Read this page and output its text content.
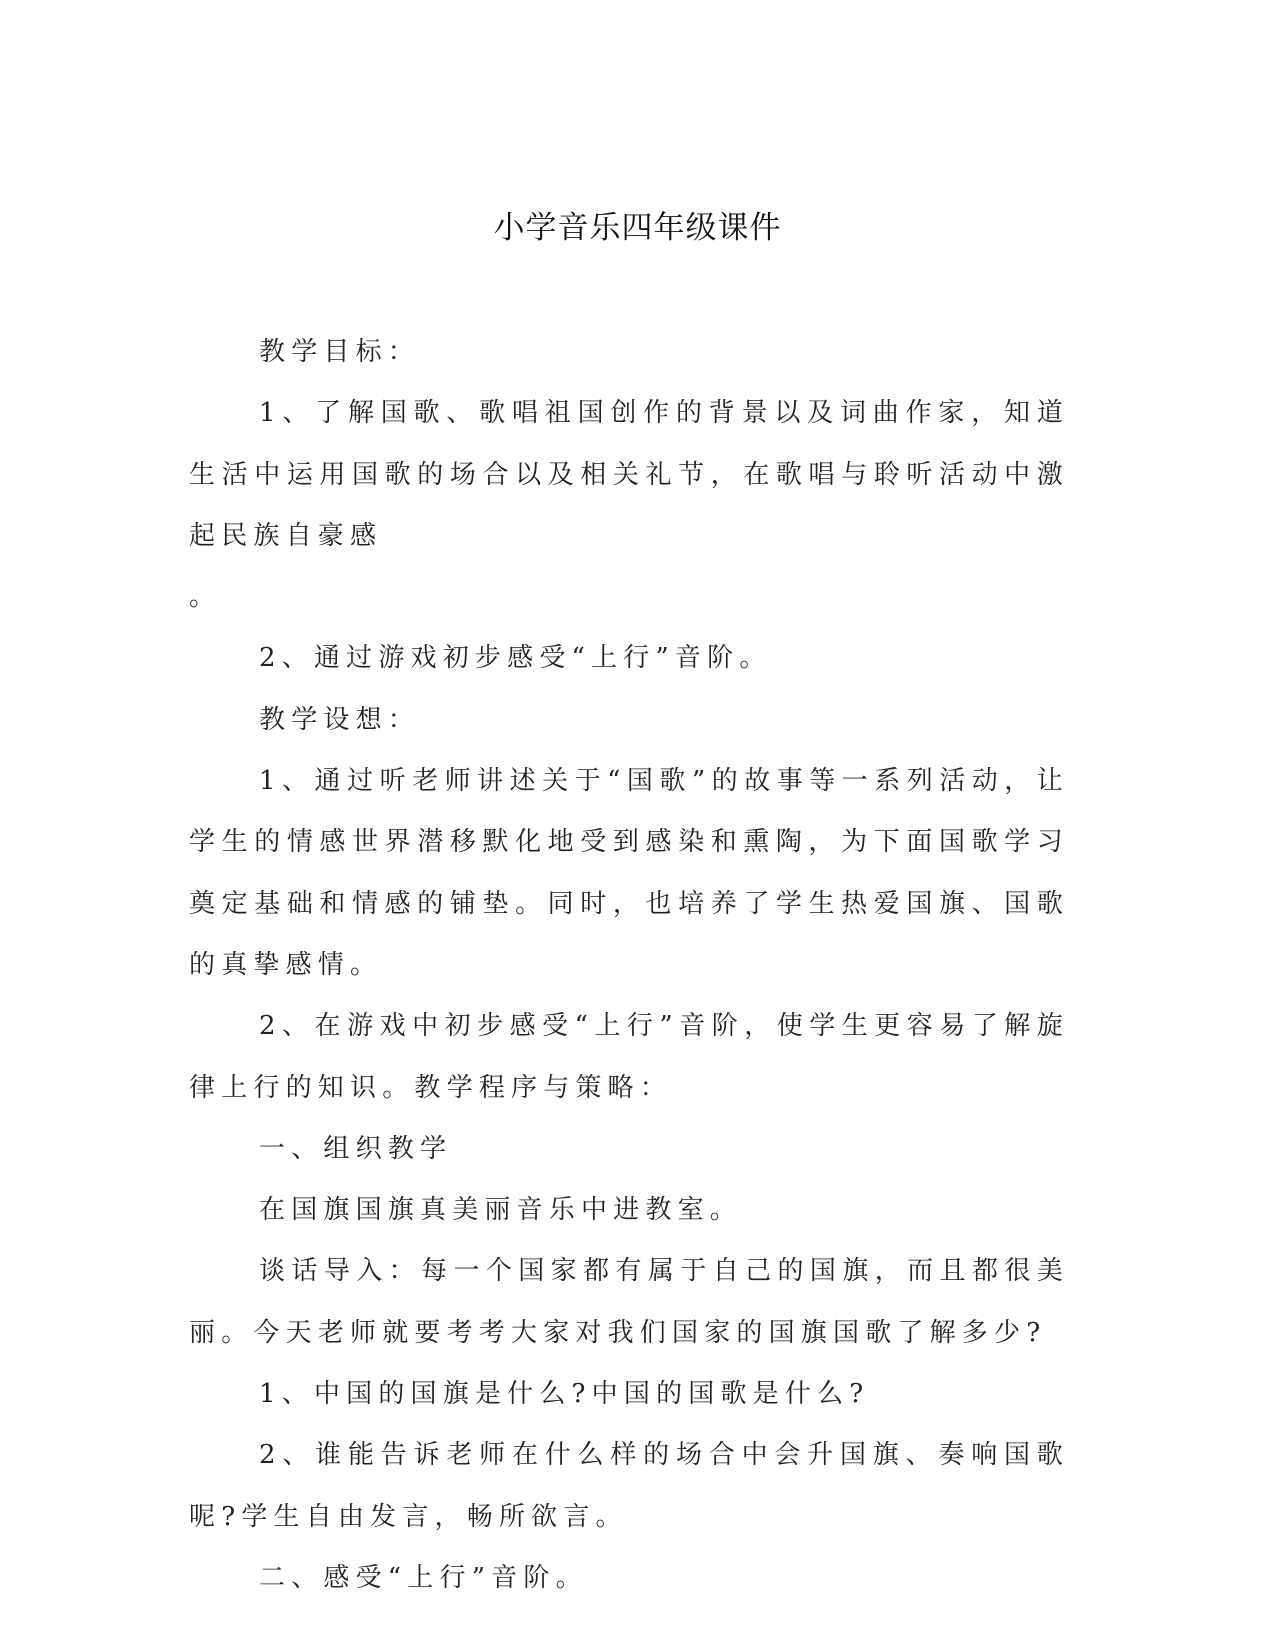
小学音乐四年级课件

教学目标：

1、了解国歌、歌唱祖国创作的背景以及词曲作家，知道生活中运用国歌的场合以及相关礼节，在歌唱与聆听活动中激起民族自豪感

。

2、通过游戏初步感受“上行”音阶。

教学设想：

1、通过听老师讲述关于“国歌”的故事等一系列活动，让学生的情感世界潜移默化地受到感染和熏陶，为下面国歌学习奠定基础和情感的铺垫。同时，也培养了学生热爱国旗、国歌的真挚感情。

2、在游戏中初步感受“上行”音阶，使学生更容易了解旋律上行的知识。教学程序与策略：

一、组织教学

在国旗国旗真美丽音乐中进教室。

谈话导入：每一个国家都有属于自己的国旗，而且都很美丽。今天老师就要考考大家对我们国家的国旗国歌了解多少?

1、中国的国旗是什么?中国的国歌是什么?

2、谁能告诉老师在什么样的场合中会升国旗、奏响国歌呢?学生自由发言，畅所欲言。

二、感受“上行”音阶。
